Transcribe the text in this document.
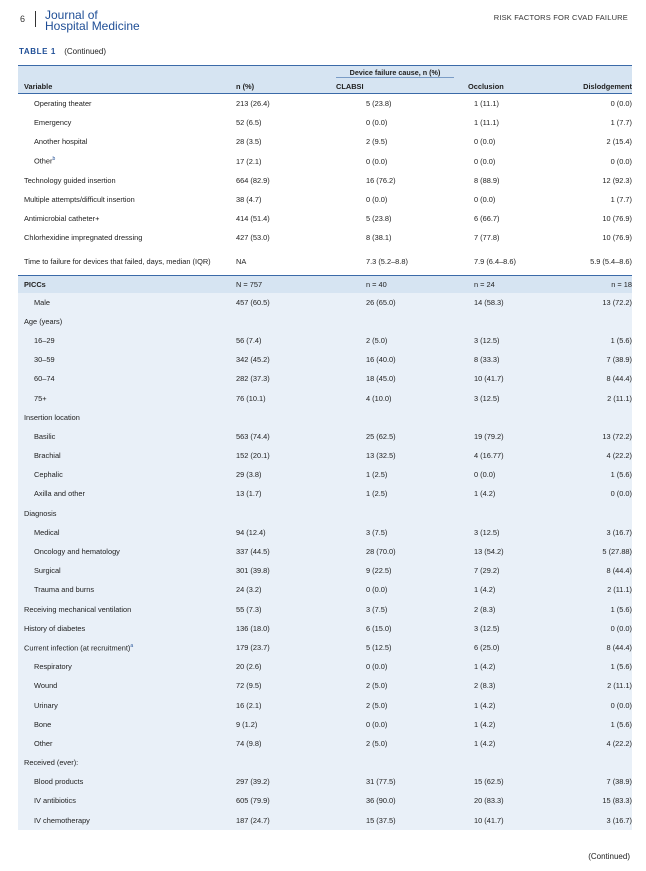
6 Journal of
Hospital Medicine
RISK FACTORS FOR CVAD FAILURE
TABLE 1 (Continued)

		Device failure cause, n (%)		

Variable	n (%)	CLABSI	Occlusion	Dislodgement
Operating theater	213 (26.4)	5 (23.8)	1 (11.1)	0 (0.0)
Emergency	52 (6.5)	0 (0.0)	1 (11.1)	1 (7.7)
Another hospital	28 (3.5)	2 (9.5)	0 (0.0)	2 (15.4)
Other$^b$	17 (2.1)	0 (0.0)	0 (0.0)	0 (0.0)
Technology guided insertion	664 (82.9)	16 (76.2)	8 (88.9)	12 (92.3)
Multiple attempts/difficult insertion	38 (4.7)	0 (0.0)	0 (0.0)	1 (7.7)
Antimicrobial catheter+	414 (51.4)	5 (23.8)	6 (66.7)	10 (76.9)
Chlorhexidine impregnated dressing	427 (53.0)	8 (38.1)	7 (77.8)	10 (76.9)
Time to failure for devices that failed, days, median (IQR)	NA	7.3 (5.2–8.8)	7.9 (6.4–8.6)	5.9 (5.4–8.6)
PICCs	N = 757	n = 40	n = 24	n = 18
Male	457 (60.5)	26 (65.0)	14 (58.3)	13 (72.2)
Age (years)				
16–29	56 (7.4)	2 (5.0)	3 (12.5)	1 (5.6)
30–59	342 (45.2)	16 (40.0)	8 (33.3)	7 (38.9)
60–74	282 (37.3)	18 (45.0)	10 (41.7)	8 (44.4)
75+	76 (10.1)	4 (10.0)	3 (12.5)	2 (11.1)
Insertion location				
Basilic	563 (74.4)	25 (62.5)	19 (79.2)	13 (72.2)
Brachial	152 (20.1)	13 (32.5)	4 (16.77)	4 (22.2)
Cephalic	29 (3.8)	1 (2.5)	0 (0.0)	1 (5.6)
Axilla and other	13 (1.7)	1 (2.5)	1 (4.2)	0 (0.0)
Diagnosis				
Medical	94 (12.4)	3 (7.5)	3 (12.5)	3 (16.7)
Oncology and hematology	337 (44.5)	28 (70.0)	13 (54.2)	5 (27.88)
Surgical	301 (39.8)	9 (22.5)	7 (29.2)	8 (44.4)
Trauma and burns	24 (3.2)	0 (0.0)	1 (4.2)	2 (11.1)
Receiving mechanical ventilation	55 (7.3)	3 (7.5)	2 (8.3)	1 (5.6)
History of diabetes	136 (18.0)	6 (15.0)	3 (12.5)	0 (0.0)
Current infection (at recruitment)$^a$	179 (23.7)	5 (12.5)	6 (25.0)	8 (44.4)
Respiratory	20 (2.6)	0 (0.0)	1 (4.2)	1 (5.6)
Wound	72 (9.5)	2 (5.0)	2 (8.3)	2 (11.1)
Urinary	16 (2.1)	2 (5.0)	1 (4.2)	0 (0.0)
Bone	9 (1.2)	0 (0.0)	1 (4.2)	1 (5.6)
Other	74 (9.8)	2 (5.0)	1 (4.2)	4 (22.2)
Received (ever):				
Blood products	297 (39.2)	31 (77.5)	15 (62.5)	7 (38.9)
IV antibiotics	605 (79.9)	36 (90.0)	20 (83.3)	15 (83.3)
IV chemotherapy	187 (24.7)	15 (37.5)	10 (41.7)	3 (16.7)
(Continued)
